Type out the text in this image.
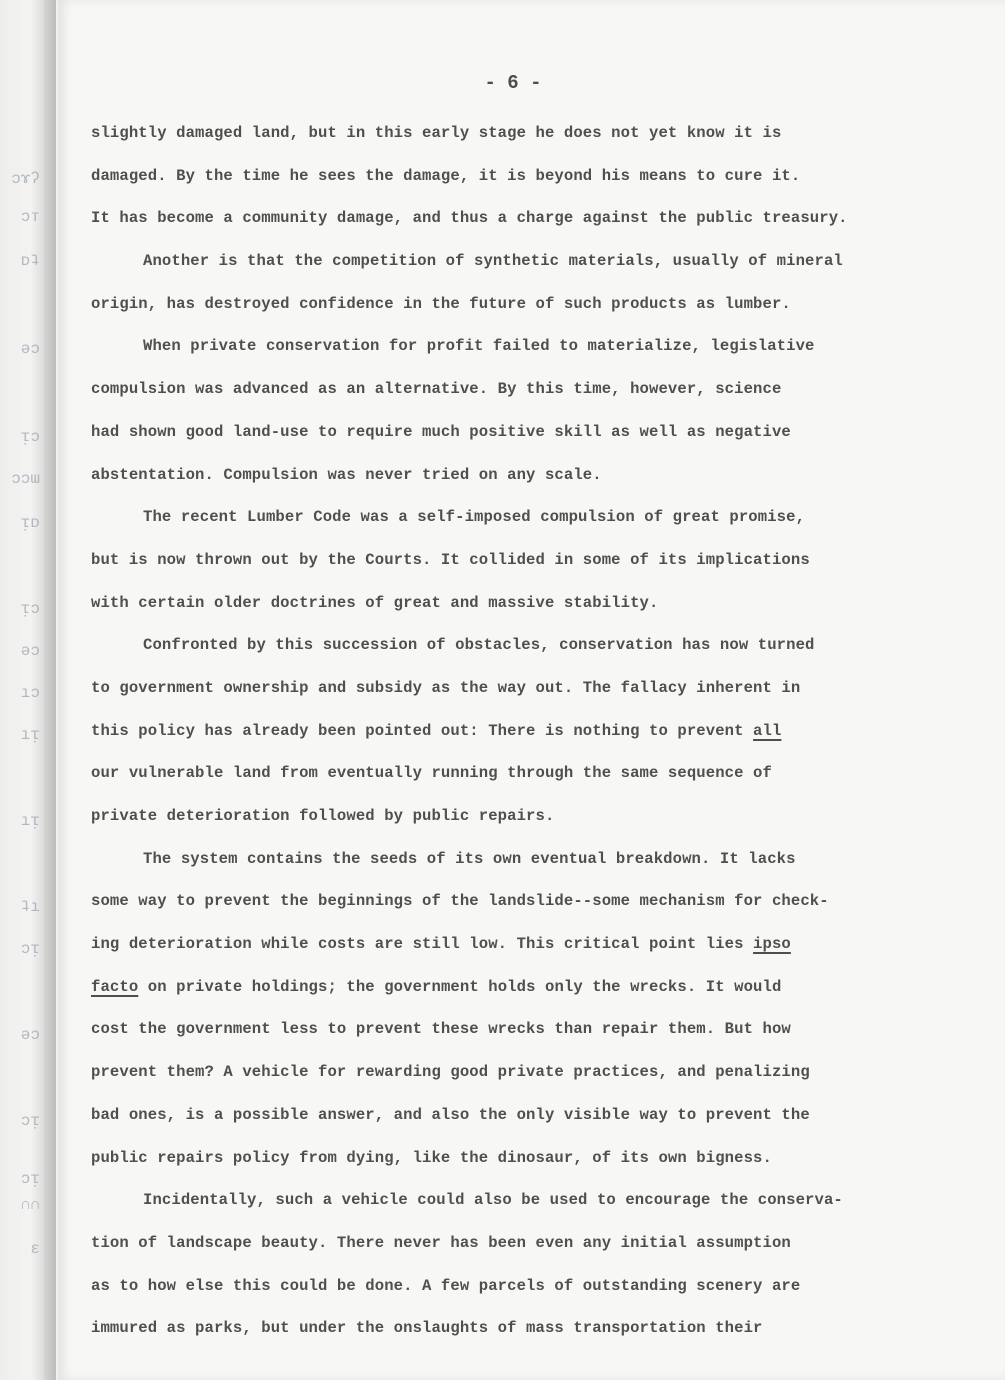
ɔɤʔ

ɔᴛ

ᴅʇ

əɔ

ᴉɔ

ɔɔɯ

ᴉᴅ

ᴉɔ

əɔ

ıɔ

ıᴉ

ıᴉ

ʇı

ɔᴉ

əɔ

ɔᴉ

ɔᴉ

∩∩

ε

- 6 -

slightly damaged land, but in this early stage he does not yet know it is

damaged. By the time he sees the damage, it is beyond his means to cure it.

It has become a community damage, and thus a charge against the public treasury.

Another is that the competition of synthetic materials, usually of mineral

origin, has destroyed confidence in the future of such products as lumber.

When private conservation for profit failed to materialize, legislative

compulsion was advanced as an alternative. By this time, however, science

had shown good land-use to require much positive skill as well as negative

abstentation. Compulsion was never tried on any scale.

The recent Lumber Code was a self-imposed compulsion of great promise,

but is now thrown out by the Courts. It collided in some of its implications

with certain older doctrines of great and massive stability.

Confronted by this succession of obstacles, conservation has now turned

to government ownership and subsidy as the way out. The fallacy inherent in

this policy has already been pointed out: There is nothing to prevent all

our vulnerable land from eventually running through the same sequence of

private deterioration followed by public repairs.

The system contains the seeds of its own eventual breakdown. It lacks

some way to prevent the beginnings of the landslide--some mechanism for check-

ing deterioration while costs are still low. This critical point lies ipso

facto on private holdings; the government holds only the wrecks. It would

cost the government less to prevent these wrecks than repair them. But how

prevent them? A vehicle for rewarding good private practices, and penalizing

bad ones, is a possible answer, and also the only visible way to prevent the

public repairs policy from dying, like the dinosaur, of its own bigness.

Incidentally, such a vehicle could also be used to encourage the conserva-

tion of landscape beauty. There never has been even any initial assumption

as to how else this could be done. A few parcels of outstanding scenery are

immured as parks, but under the onslaughts of mass transportation their
